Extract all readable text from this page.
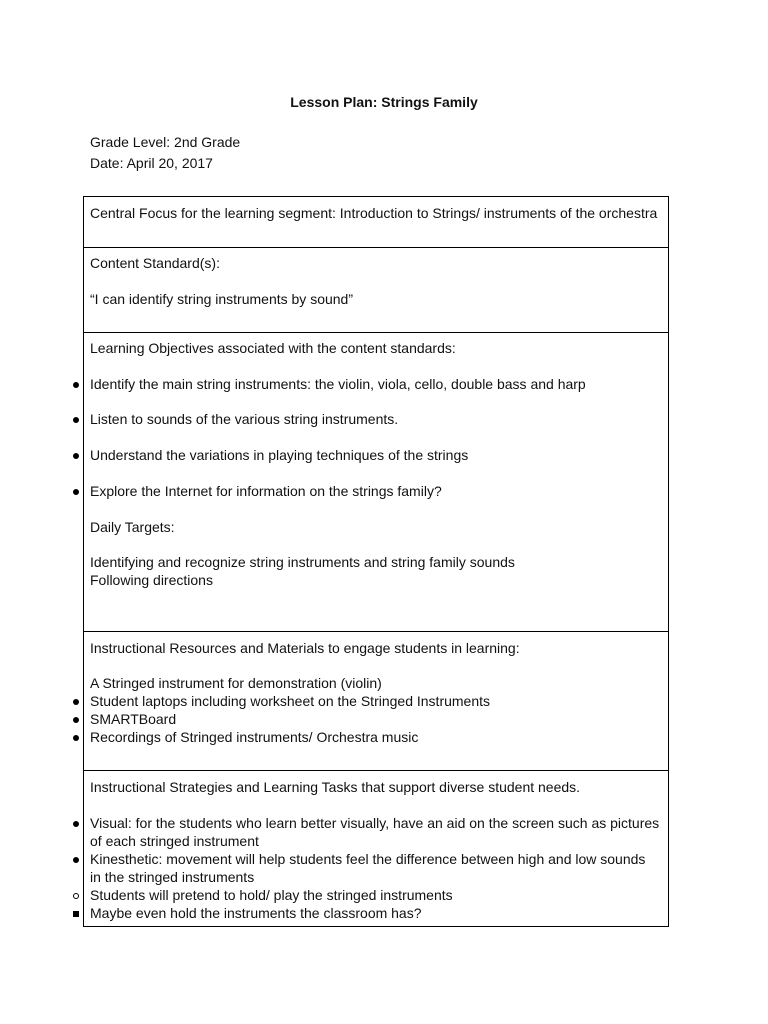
Lesson Plan: Strings Family
Grade Level: 2nd Grade
Date: April 20, 2017
Central Focus for the learning segment: Introduction to Strings/ instruments of the orchestra
Content Standard(s):
“I can identify string instruments by sound”
Learning Objectives associated with the content standards:
Identify the main string instruments: the violin, viola, cello, double bass and harp
Listen to sounds of the various string instruments.
Understand the variations in playing techniques of the strings
Explore the Internet for information on the strings family?
Daily Targets:
Identifying and recognize string instruments and string family sounds
Following directions
Instructional Resources and Materials to engage students in learning:
A Stringed instrument for demonstration (violin)
Student laptops including worksheet on the Stringed Instruments
SMARTBoard
Recordings of Stringed instruments/ Orchestra music
Instructional Strategies and Learning Tasks that support diverse student needs.
Visual: for the students who learn better visually, have an aid on the screen such as pictures of each stringed instrument
Kinesthetic: movement will help students feel the difference between high and low sounds in the stringed instruments
Students will pretend to hold/ play the stringed instruments
Maybe even hold the instruments the classroom has?
